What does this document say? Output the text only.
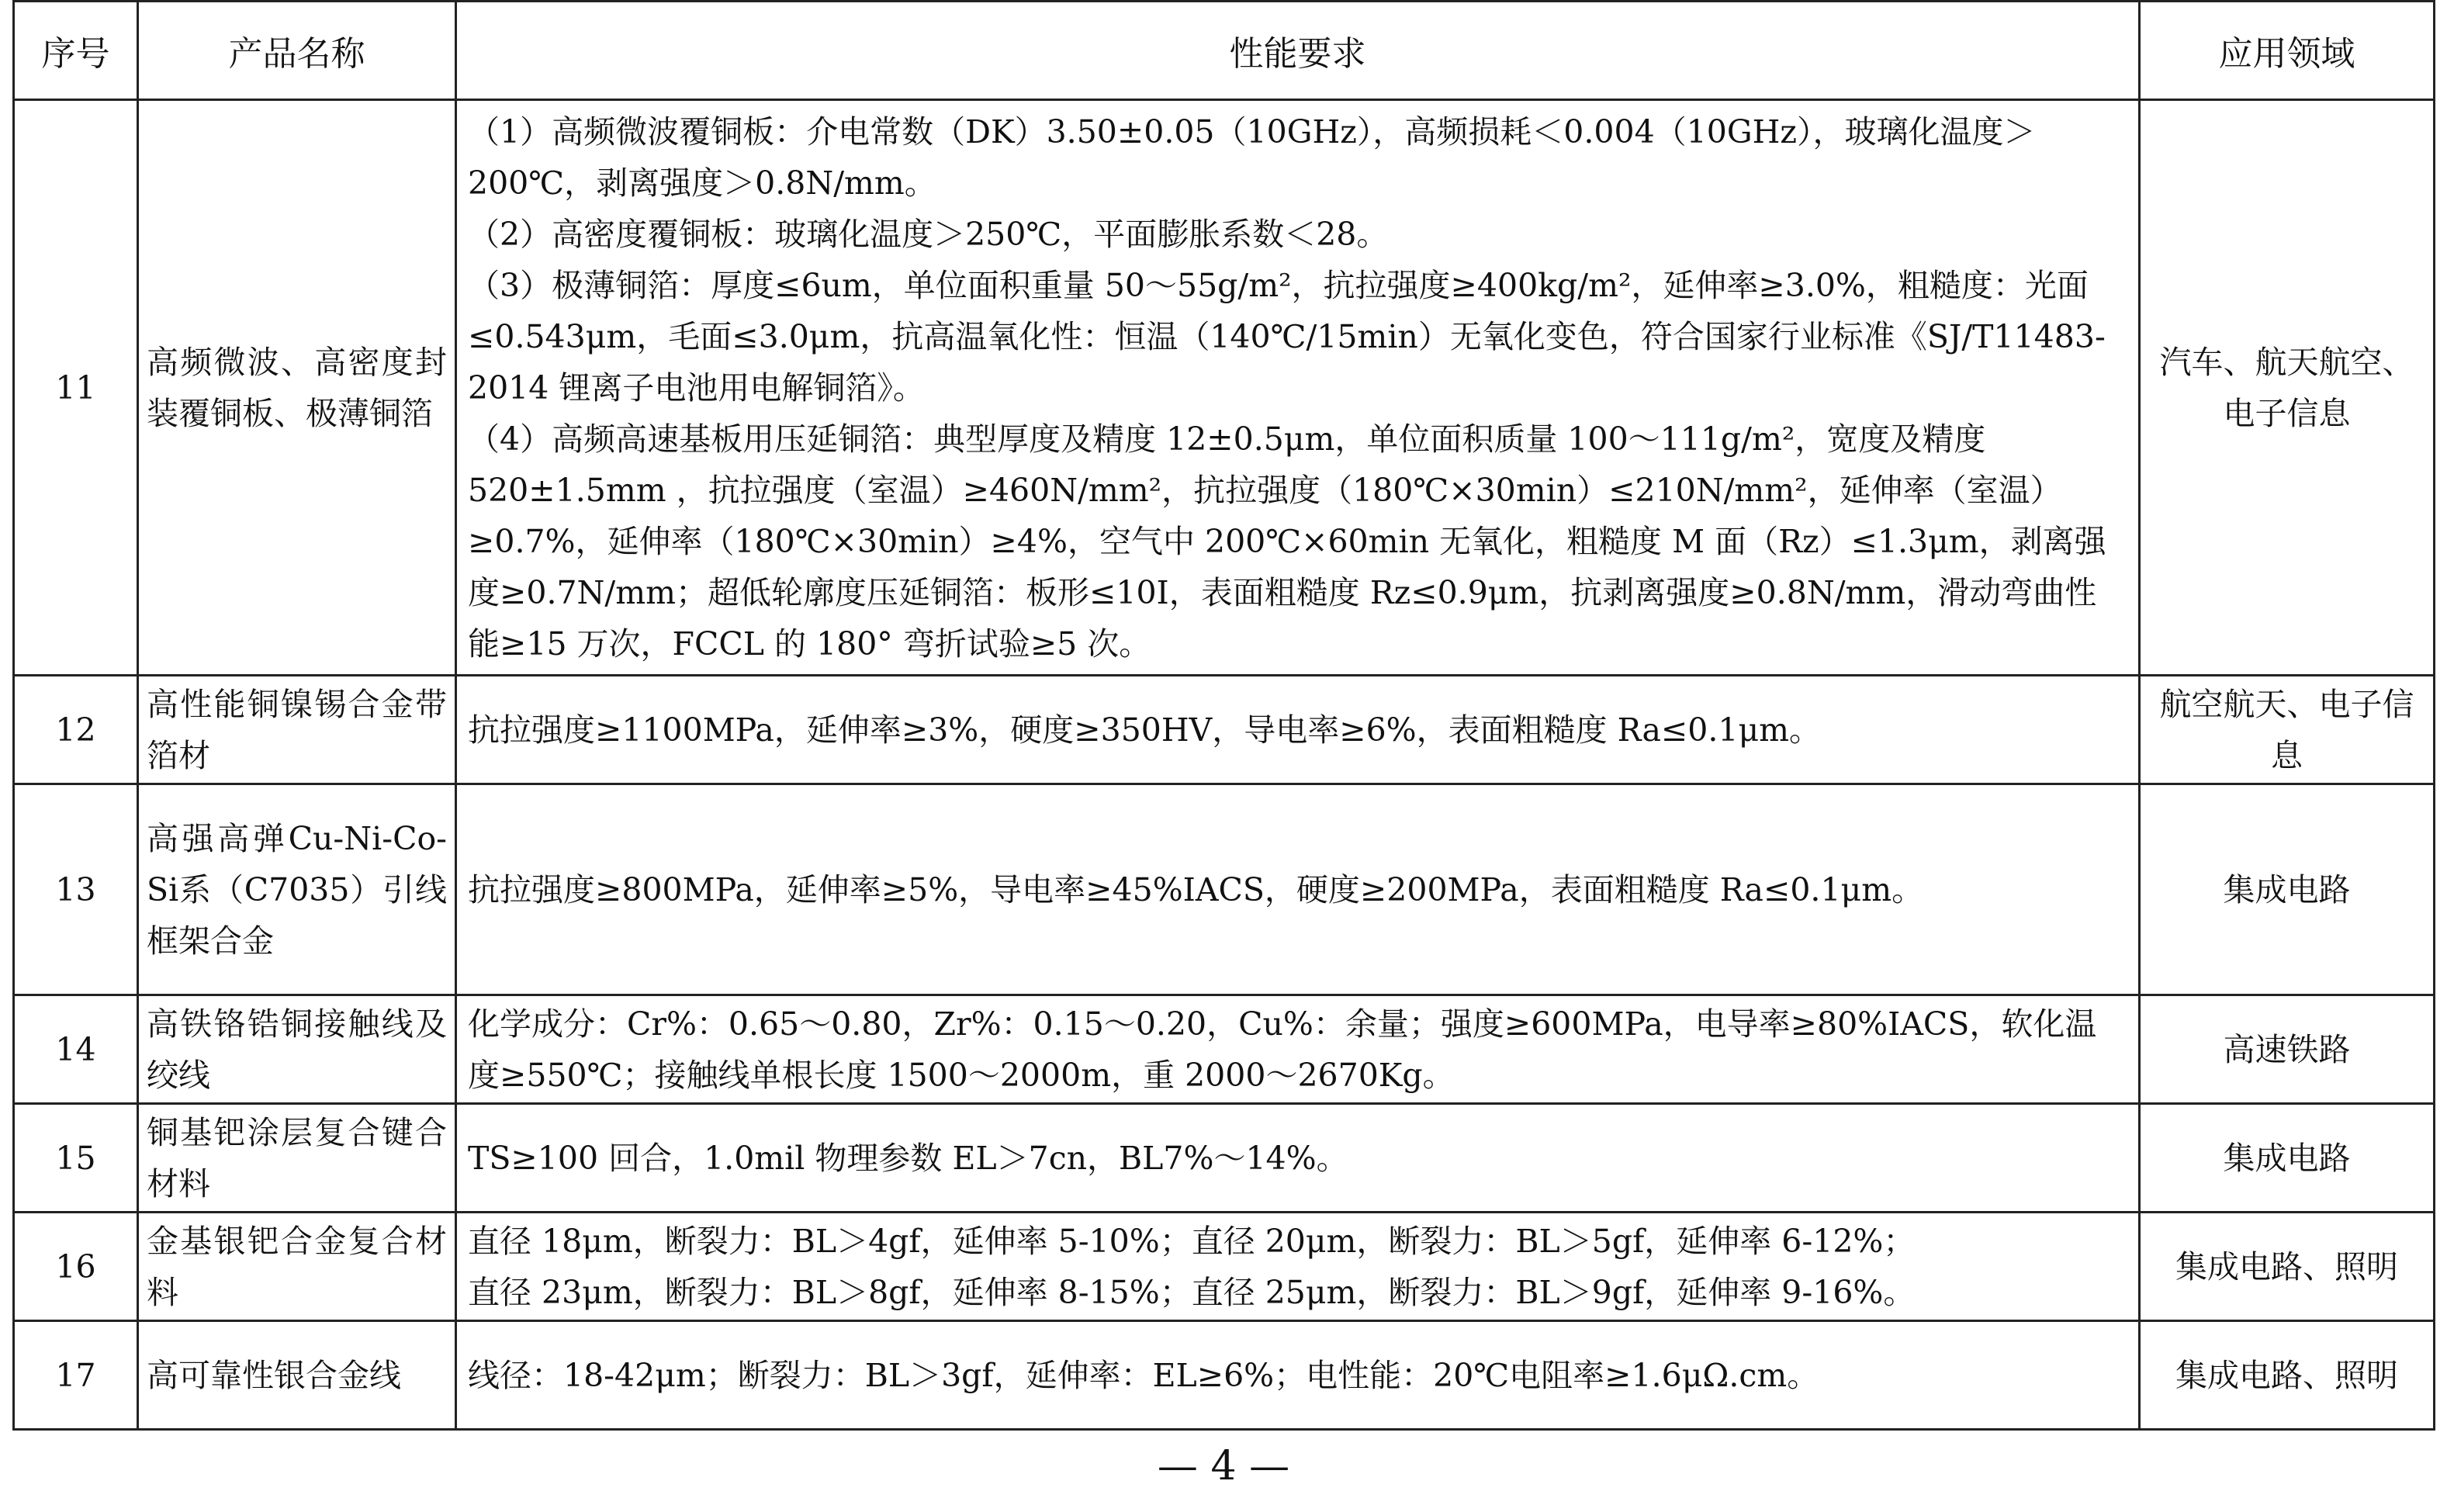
序号	产品名称	性能要求	应用领域
11	高频微波、高密度封装覆铜板、极薄铜箔	（1）高频微波覆铜板：介电常数（DK）3.50±0.05（10GHz），高频损耗＜0.004（10GHz），玻璃化温度＞200℃，剥离强度＞0.8N/mm。
（2）高密度覆铜板：玻璃化温度＞250℃，平面膨胀系数＜28。
（3）极薄铜箔：厚度≤6um，单位面积重量 50～55g/m²，抗拉强度≥400kg/m²，延伸率≥3.0%，粗糙度：光面≤0.543μm，毛面≤3.0μm，抗高温氧化性：恒温（140℃/15min）无氧化变色，符合国家行业标准《SJ/T11483-2014 锂离子电池用电解铜箔》。
（4）高频高速基板用压延铜箔：典型厚度及精度 12±0.5μm，单位面积质量 100～111g/m²，宽度及精度 520±1.5mm ，抗拉强度（室温）≥460N/mm²，抗拉强度（180℃×30min）≤210N/mm²，延伸率（室温）≥0.7%，延伸率（180℃×30min）≥4%，空气中 200℃×60min 无氧化，粗糙度 M 面（Rz）≤1.3μm，剥离强度≥0.7N/mm；超低轮廓度压延铜箔：板形≤10I，表面粗糙度 Rz≤0.9μm，抗剥离强度≥0.8N/mm，滑动弯曲性能≥15 万次，FCCL 的 180° 弯折试验≥5 次。	汽车、航天航空、电子信息
12	高性能铜镍锡合金带箔材	抗拉强度≥1100MPa，延伸率≥3%，硬度≥350HV，导电率≥6%，表面粗糙度 Ra≤0.1μm。	航空航天、电子信息
13	高强高弹Cu-Ni-Co-Si系（C7035）引线框架合金	抗拉强度≥800MPa，延伸率≥5%，导电率≥45%IACS，硬度≥200MPa，表面粗糙度 Ra≤0.1μm。	集成电路
14	高铁铬锆铜接触线及绞线	化学成分：Cr%：0.65～0.80，Zr%：0.15～0.20，Cu%：余量；强度≥600MPa，电导率≥80%IACS，软化温度≥550℃；接触线单根长度 1500～2000m，重 2000～2670Kg。	高速铁路
15	铜基钯涂层复合键合材料	TS≥100 回合，1.0mil 物理参数 EL＞7cn，BL7%～14%。	集成电路
16	金基银钯合金复合材料	直径 18μm，断裂力：BL＞4gf，延伸率 5-10%；直径 20μm，断裂力：BL＞5gf，延伸率 6-12%；
直径 23μm，断裂力：BL＞8gf，延伸率 8-15%；直径 25μm，断裂力：BL＞9gf，延伸率 9-16%。	集成电路、照明
17	高可靠性银合金线	线径：18-42μm；断裂力：BL＞3gf，延伸率：EL≥6%；电性能：20℃电阻率≥1.6μΩ.cm。	集成电路、照明
— 4 —
